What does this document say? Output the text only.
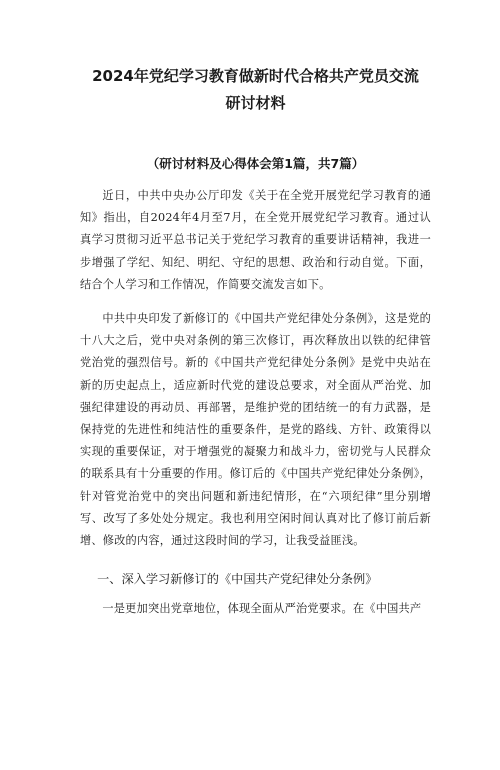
2024年党纪学习教育做新时代合格共产党员交流研讨材料
（研讨材料及心得体会第1篇，共7篇）

近日，中共中央办公厅印发《关于在全党开展党纪学习教育的通知》指出，自2024年4月至7月，在全党开展党纪学习教育。通过认真学习贯彻习近平总书记关于党纪学习教育的重要讲话精神，我进一步增强了学纪、知纪、明纪、守纪的思想、政治和行动自觉。下面，结合个人学习和工作情况，作简要交流发言如下。

中共中央印发了新修订的《中国共产党纪律处分条例》，这是党的十八大之后，党中央对条例的第三次修订，再次释放出以铁的纪律管党治党的强烈信号。新的《中国共产党纪律处分条例》是党中央站在新的历史起点上，适应新时代党的建设总要求，对全面从严治党、加强纪律建设的再动员、再部署，是维护党的团结统一的有力武器，是保持党的先进性和纯洁性的重要条件，是党的路线、方针、政策得以实现的重要保证，对于增强党的凝聚力和战斗力，密切党与人民群众的联系具有十分重要的作用。修订后的《中国共产党纪律处分条例》，针对管党治党中的突出问题和新违纪情形，在“六项纪律”里分别增写、改写了多处处分规定。我也利用空闲时间认真对比了修订前后新增、修改的内容，通过这段时间的学习，让我受益匪浅。

一、深入学习新修订的《中国共产党纪律处分条例》

一是更加突出党章地位，体现全面从严治党要求。在《中国共产
